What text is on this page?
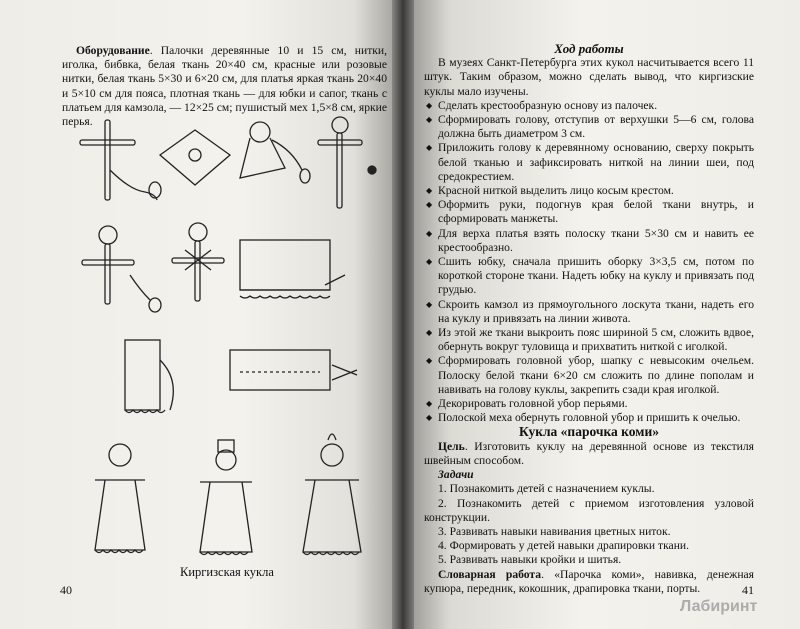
Оборудование. Палочки деревянные 10 и 15 см, нитки, иголка, бибвка, белая ткань 20×40 см, красные или розовые нитки, белая ткань 5×30 и 6×20 см, для платья яркая ткань 20×40 и 5×10 см для пояса, плотная ткань — для юбки и сапог, ткань с платьем для камзола, — 12×25 см; пушистый мех 1,5×8 см, яркие перья.

Киргизская кукла
40

Ход работы

В музеях Санкт-Петербурга этих кукол насчитывается всего 11 штук. Таким образом, можно сделать вывод, что киргизские куклы мало изучены.

◆ Сделать крестообразную основу из палочек.

◆ Сформировать голову, отступив от верхушки 5—6 см, голова должна быть диаметром 3 см.

◆ Приложить голову к деревянному основанию, сверху покрыть белой тканью и зафиксировать ниткой на линии шеи, под средокрестием.

◆ Красной ниткой выделить лицо косым крестом.

◆ Оформить руки, подогнув края белой ткани внутрь, и сформировать манжеты.

◆ Для верха платья взять полоску ткани 5×30 см и навить ее крестообразно.

◆ Сшить юбку, сначала пришить оборку 3×3,5 см, потом по короткой стороне ткани. Надеть юбку на куклу и привязать под грудью.

◆ Скроить камзол из прямоугольного лоскута ткани, надеть его на куклу и привязать на линии живота.

◆ Из этой же ткани выкроить пояс шириной 5 см, сложить вдвое, обернуть вокруг туловища и прихватить ниткой с иголкой.

◆ Сформировать головной убор, шапку с невысоким очельем. Полоску белой ткани 6×20 см сложить по длине пополам и навивать на голову куклы, закрепить сзади края иголкой.

◆ Декорировать головной убор перьями.

◆ Полоской меха обернуть головной убор и пришить к очелью.

Кукла «парочка коми»

Цель. Изготовить куклу на деревянной основе из текстиля швейным способом.

Задачи

1. Познакомить детей с назначением куклы.

2. Познакомить детей с приемом изготовления узловой конструкции.

3. Развивать навыки навивания цветных ниток.

4. Формировать у детей навыки драпировки ткани.

5. Развивать навыки кройки и шитья.

Словарная работа. «Парочка коми», навивка, денежная купюра, передник, кокошник, драпировка ткани, порты.	41
Лабиринт
